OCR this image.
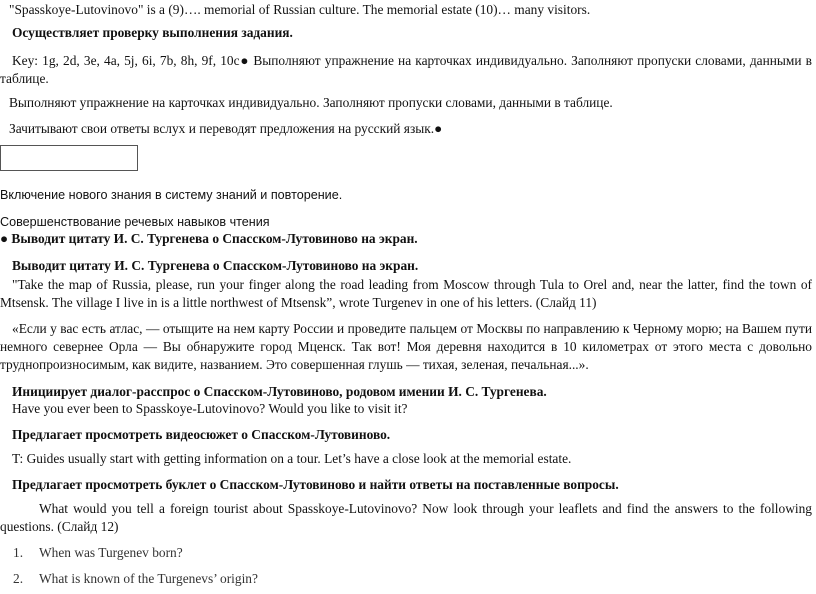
"Spasskoye-Lutovinovo" is a (9)…. memorial of Russian culture. The memorial estate (10)… many visitors.
Осуществляет проверку выполнения задания.
Key: 1g, 2d, 3e, 4a, 5j, 6i, 7b, 8h, 9f, 10c● Выполняют упражнение на карточках индивидуально. Заполняют пропуски словами, данными в таблице.
Выполняют упражнение на карточках индивидуально. Заполняют пропуски словами, данными в таблице.
Зачитывают свои ответы вслух и переводят предложения на русский язык.●
Включение нового знания в систему знаний и повторение.
Совершенствование речевых навыков чтения
● Выводит цитату И. С. Тургенева о Спасском-Лутовиново на экран.
Выводит цитату И. С. Тургенева о Спасском-Лутовиново на экран.
"Take the map of Russia, please, run your finger along the road leading from Moscow through Tula to Orel and, near the latter, find the town of Mtsensk. The village I live in is a little northwest of Mtsensk”, wrote Turgenev in one of his letters. (Слайд 11)
«Если у вас есть атлас, — отыщите на нем карту России и проведите пальцем от Москвы по направлению к Черному морю; на Вашем пути немного севернее Орла — Вы обнаружите город Мценск. Так вот! Моя деревня находится в 10 километрах от этого места с довольно труднопроизносимым, как видите, названием. Это совершенная глушь — тихая, зеленая, печальная...».
Инициирует диалог-расспрос о Спасском-Лутовиново, родовом имении И. С. Тургенева.
Have you ever been to Spasskoye-Lutovinovo? Would you like to visit it?
Предлагает просмотреть видеосюжет о Спасском-Лутовиново.
T: Guides usually start with getting information on a tour. Let’s have a close look at the memorial estate.
Предлагает просмотреть буклет о Спасском-Лутовиново и найти ответы на поставленные вопросы.
What would you tell a foreign tourist about Spasskoye-Lutovinovo? Now look through your leaflets and find the answers to the following questions. (Слайд 12)
1. When was Turgenev born?
2. What is known of the Turgenevs’ origin?
